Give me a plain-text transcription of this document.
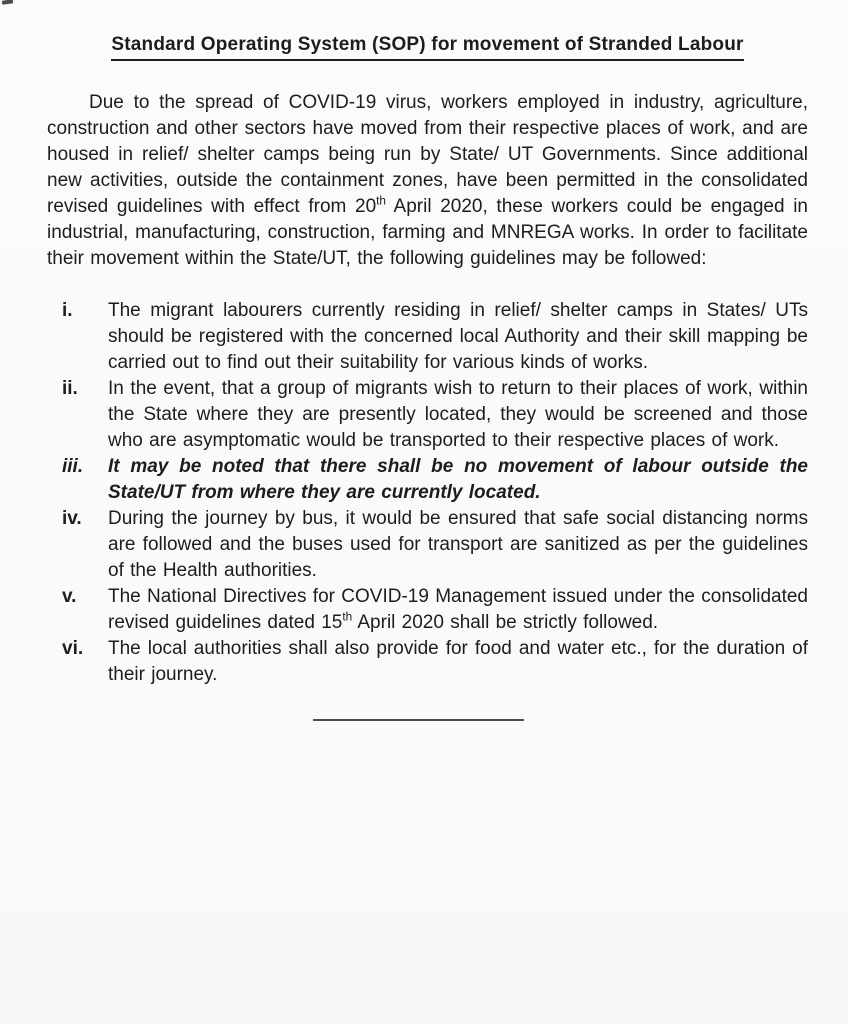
Standard Operating System (SOP) for movement of Stranded Labour

Due to the spread of COVID-19 virus, workers employed in industry, agriculture, construction and other sectors have moved from their respective places of work, and are housed in relief/ shelter camps being run by State/ UT Governments. Since additional new activities, outside the containment zones, have been permitted in the consolidated revised guidelines with effect from 20th April 2020, these workers could be engaged in industrial, manufacturing, construction, farming and MNREGA works. In order to facilitate their movement within the State/UT, the following guidelines may be followed:

i.	The migrant labourers currently residing in relief/ shelter camps in States/ UTs should be registered with the concerned local Authority and their skill mapping be carried out to find out their suitability for various kinds of works.
ii.	In the event, that a group of migrants wish to return to their places of work, within the State where they are presently located, they would be screened and those who are asymptomatic would be transported to their respective places of work.
iii.	It may be noted that there shall be no movement of labour outside the State/UT from where they are currently located.
iv.	During the journey by bus, it would be ensured that safe social distancing norms are followed and the buses used for transport are sanitized as per the guidelines of the Health authorities.
v.	The National Directives for COVID-19 Management issued under the consolidated revised guidelines dated 15th April 2020 shall be strictly followed.
vi.	The local authorities shall also provide for food and water etc., for the duration of their journey.
